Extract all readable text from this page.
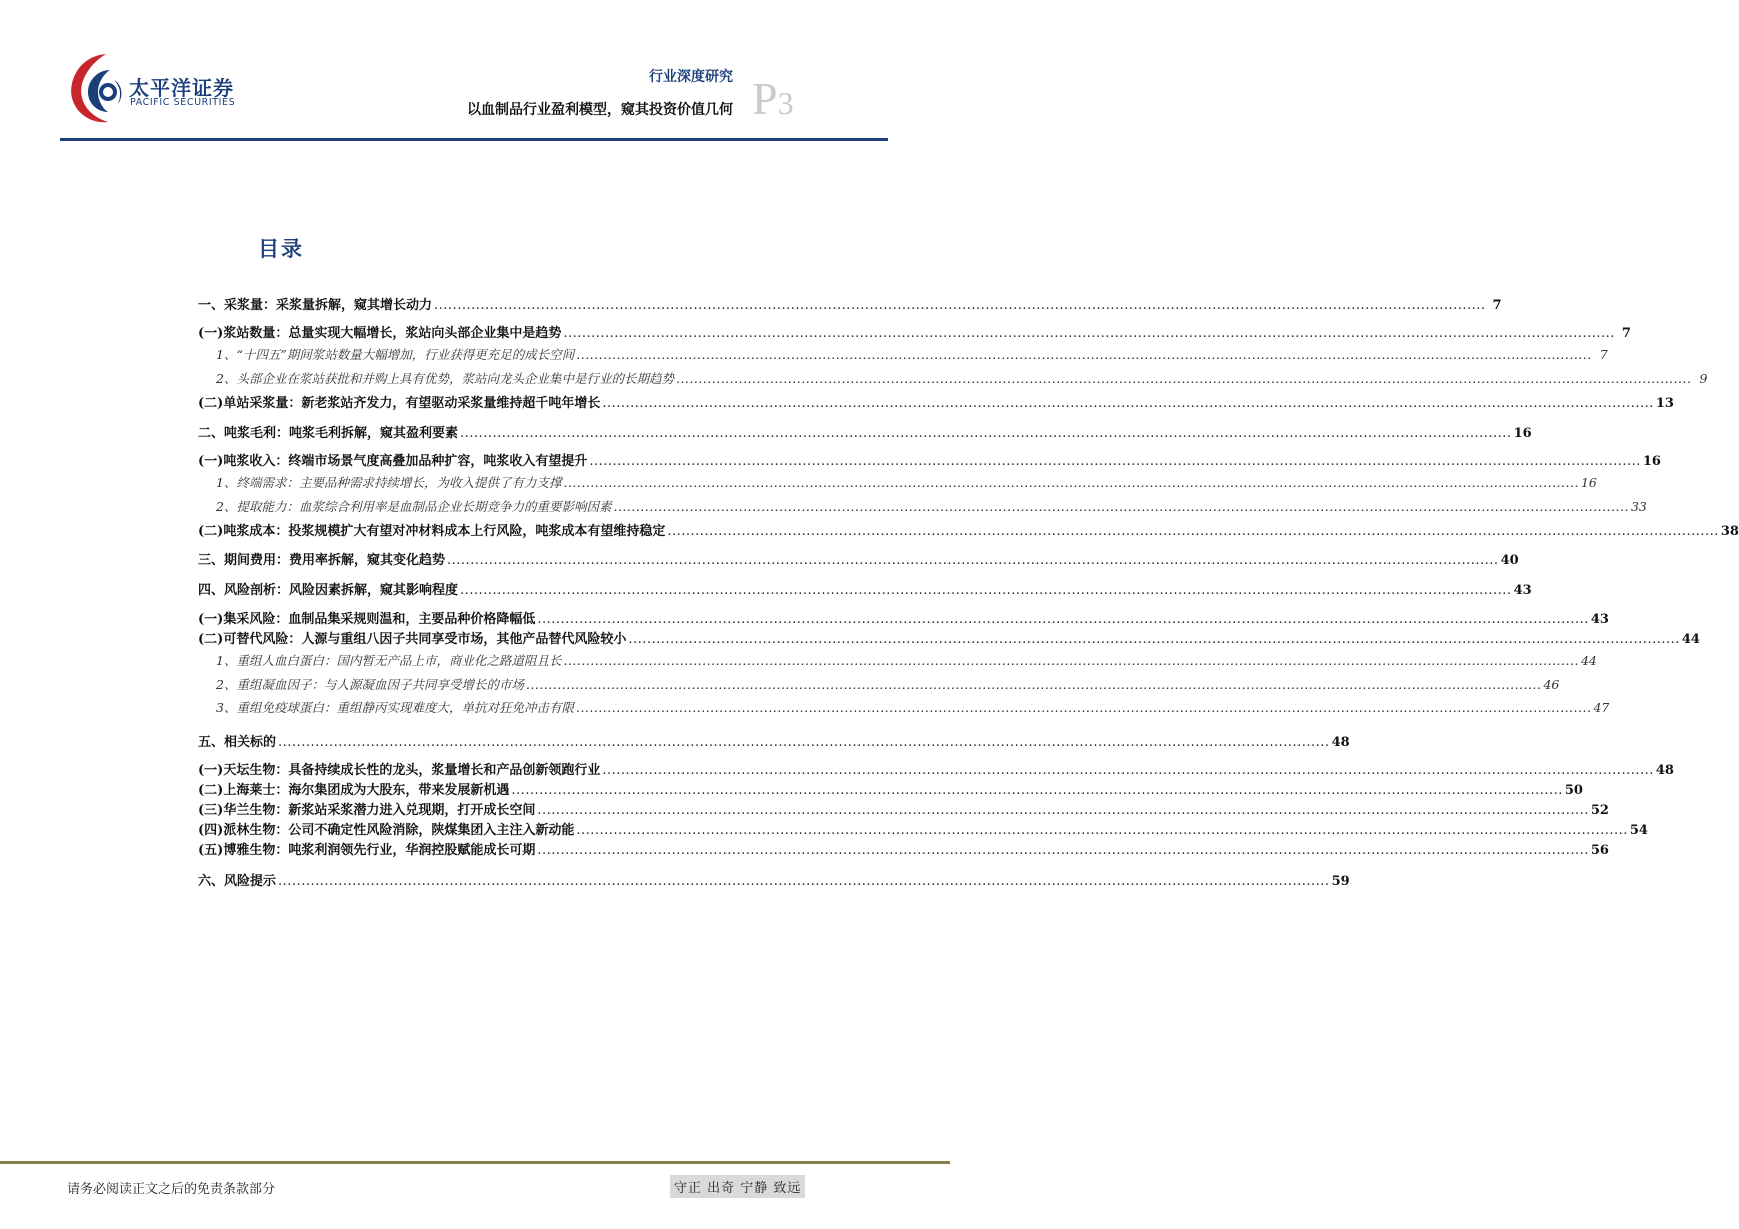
太平洋证券
PACIFIC SECURITIES
行业深度研究
以血制品行业盈利模型，窥其投资价值几何 P3
目录
一、 采浆量：采浆量拆解，窥其增长动力 .....	7
(一) 浆站数量：总量实现大幅增长，浆站向头部企业集中是趋势 .....	7
1、“十四五”期间浆站数量大幅增加，行业获得更充足的成长空间 .....	7
2、头部企业在浆站获批和并购上具有优势，浆站向龙头企业集中是行业的长期趋势 .....	9
(二) 单站采浆量：新老浆站齐发力，有望驱动采浆量维持超千吨年增长 .....	13
二、 吨浆毛利：吨浆毛利拆解，窥其盈利要素 .....	16
(一) 吨浆收入：终端市场景气度高叠加品种扩容，吨浆收入有望提升 .....	16
1、终端需求：主要品种需求持续增长，为收入提供了有力支撑 .....	16
2、提取能力：血浆综合利用率是血制品企业长期竞争力的重要影响因素 .....	33
(二) 吨浆成本：投浆规模扩大有望对冲材料成本上行风险，吨浆成本有望维持稳定 .....	38
三、 期间费用：费用率拆解，窥其变化趋势 .....	40
四、 风险剖析：风险因素拆解，窥其影响程度 .....	43
(一) 集采风险：血制品集采规则温和，主要品种价格降幅低 .....	43
(二) 可替代风险：人源与重组八因子共同享受市场，其他产品替代风险较小 .....	44
1、重组人血白蛋白：国内暂无产品上市，商业化之路道阻且长 .....	44
2、重组凝血因子：与人源凝血因子共同享受增长的市场 .....	46
3、重组免疫球蛋白：重组静丙实现难度大，单抗对狂免冲击有限 .....	47
五、 相关标的 .....	48
(一) 天坛生物：具备持续成长性的龙头，浆量增长和产品创新领跑行业 .....	48
(二) 上海莱士：海尔集团成为大股东，带来发展新机遇 .....	50
(三) 华兰生物：新浆站采浆潜力进入兑现期，打开成长空间 .....	52
(四) 派林生物：公司不确定性风险消除，陕煤集团入主注入新动能 .....	54
(五) 博雅生物：吨浆利润领先行业，华润控股赋能成长可期 .....	56
六、 风险提示 .....	59
请务必阅读正文之后的免责条款部分	守正 出奇 宁静 致远
